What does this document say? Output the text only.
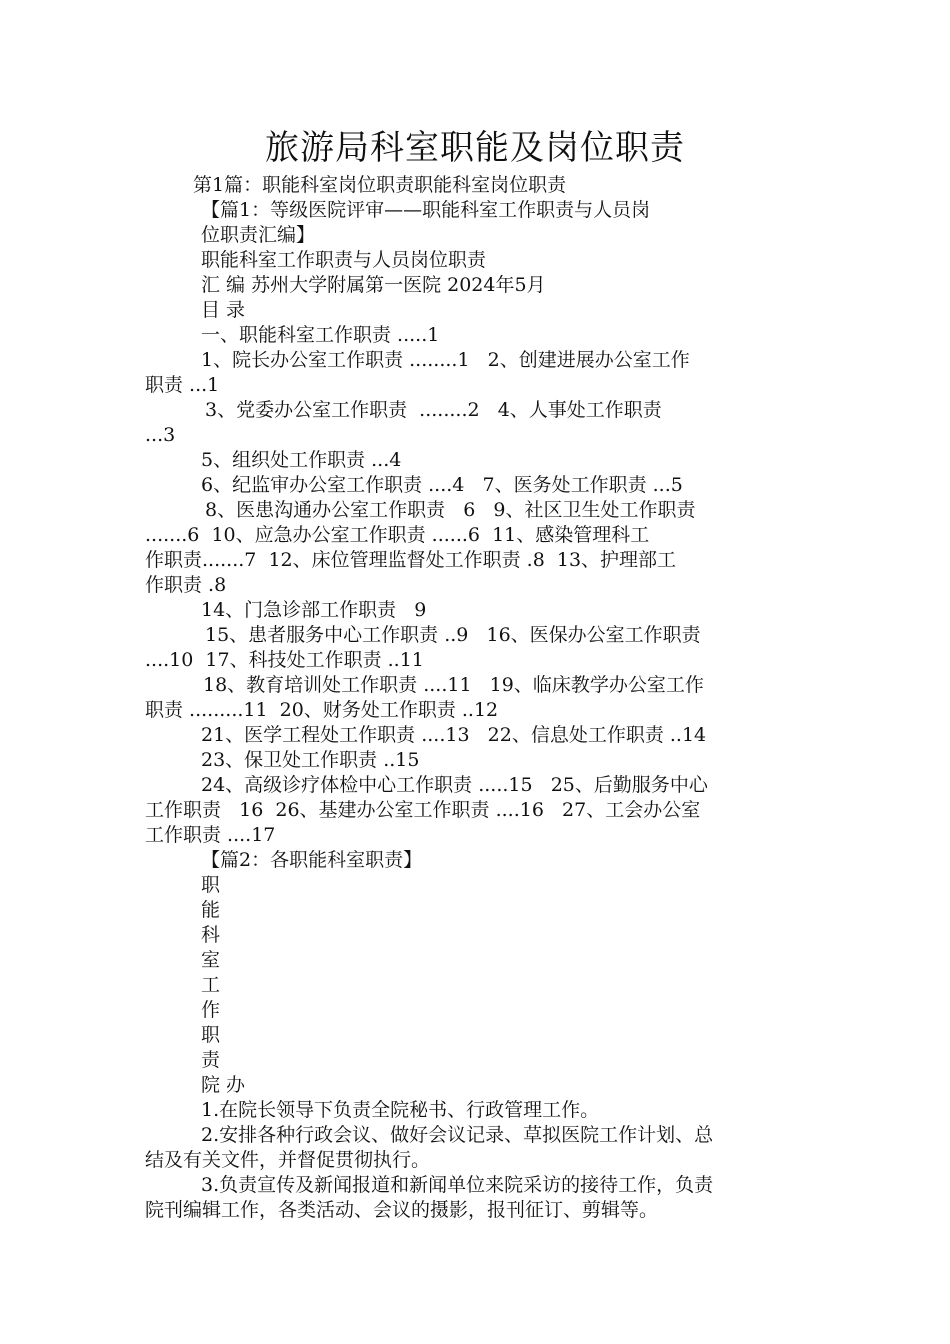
旅游局科室职能及岗位职责
第1篇：职能科室岗位职责职能科室岗位职责
【篇1：等级医院评审——职能科室工作职责与人员岗
位职责汇编】
职能科室工作职责与人员岗位职责
汇 编 苏州大学附属第一医院 2024年5月
目 录
一、职能科室工作职责 .....1
1、院长办公室工作职责 ........1   2、创建进展办公室工作
职责 ...1
3、党委办公室工作职责  ........2   4、人事处工作职责
...3
5、组织处工作职责 ...4
6、纪监审办公室工作职责 ....4   7、医务处工作职责 ...5
8、医患沟通办公室工作职责   6   9、社区卫生处工作职责
.......6  10、应急办公室工作职责 ......6  11、感染管理科工
作职责.......7  12、床位管理监督处工作职责 .8  13、护理部工
作职责 .8
14、门急诊部工作职责   9
15、患者服务中心工作职责 ..9   16、医保办公室工作职责
....10  17、科技处工作职责 ..11
18、教育培训处工作职责 ....11   19、临床教学办公室工作
职责 .........11  20、财务处工作职责 ..12
21、医学工程处工作职责 ....13   22、信息处工作职责 ..14
23、保卫处工作职责 ..15
24、高级诊疗体检中心工作职责 .....15   25、后勤服务中心
工作职责   16  26、基建办公室工作职责 ....16   27、工会办公室
工作职责 ....17
【篇2：各职能科室职责】
职
能
科
室
工
作
职
责
院 办
1.在院长领导下负责全院秘书、行政管理工作。
2.安排各种行政会议、做好会议记录、草拟医院工作计划、总
结及有关文件，并督促贯彻执行。
3.负责宣传及新闻报道和新闻单位来院采访的接待工作，负责
院刊编辑工作，各类活动、会议的摄影，报刊征订、剪辑等。
